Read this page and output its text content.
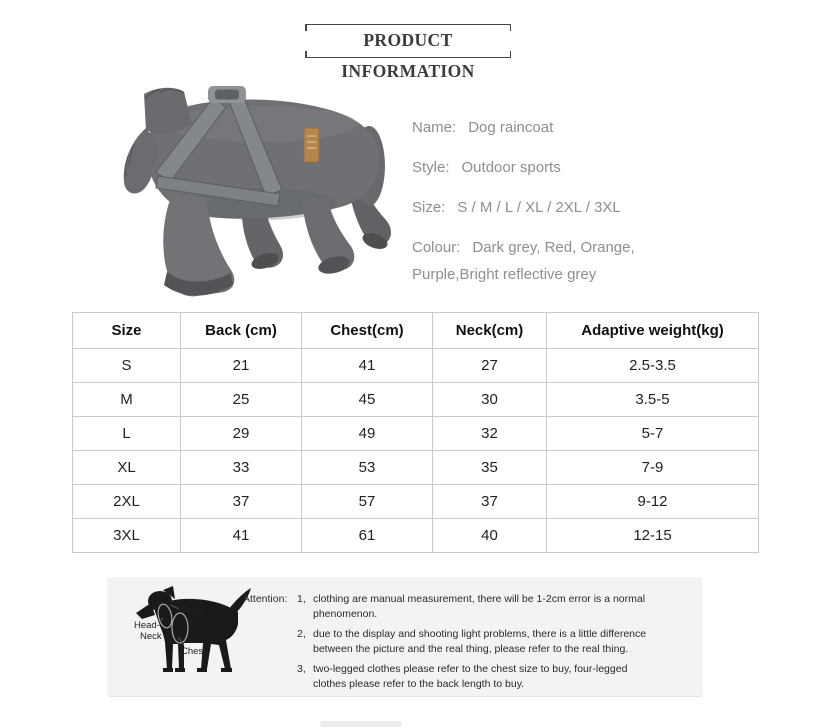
PRODUCT INFORMATION
Name: Dog raincoat
Style: Outdoor sports
Size: S / M / L / XL / 2XL / 3XL
Colour: Dark grey, Red, Orange, Purple,Bright reflective grey
Size	Back (cm)	Chest(cm)	Neck(cm)	Adaptive weight(kg)
S	21	41	27	2.5-3.5
M	25	45	30	3.5-5
L	29	49	32	5-7
XL	33	53	35	7-9
2XL	37	57	37	9-12
3XL	41	61	40	12-15
Back
Head-
Neck
Chest
Attention: 1, clothing are manual measurement, there will be 1-2cm error is a normal phenomenon.
2, due to the display and shooting light problems, there is a little difference between the picture and the real thing, please refer to the real thing.
3, two-legged clothes please refer to the chest size to buy, four-legged clothes please refer to the back length to buy.
